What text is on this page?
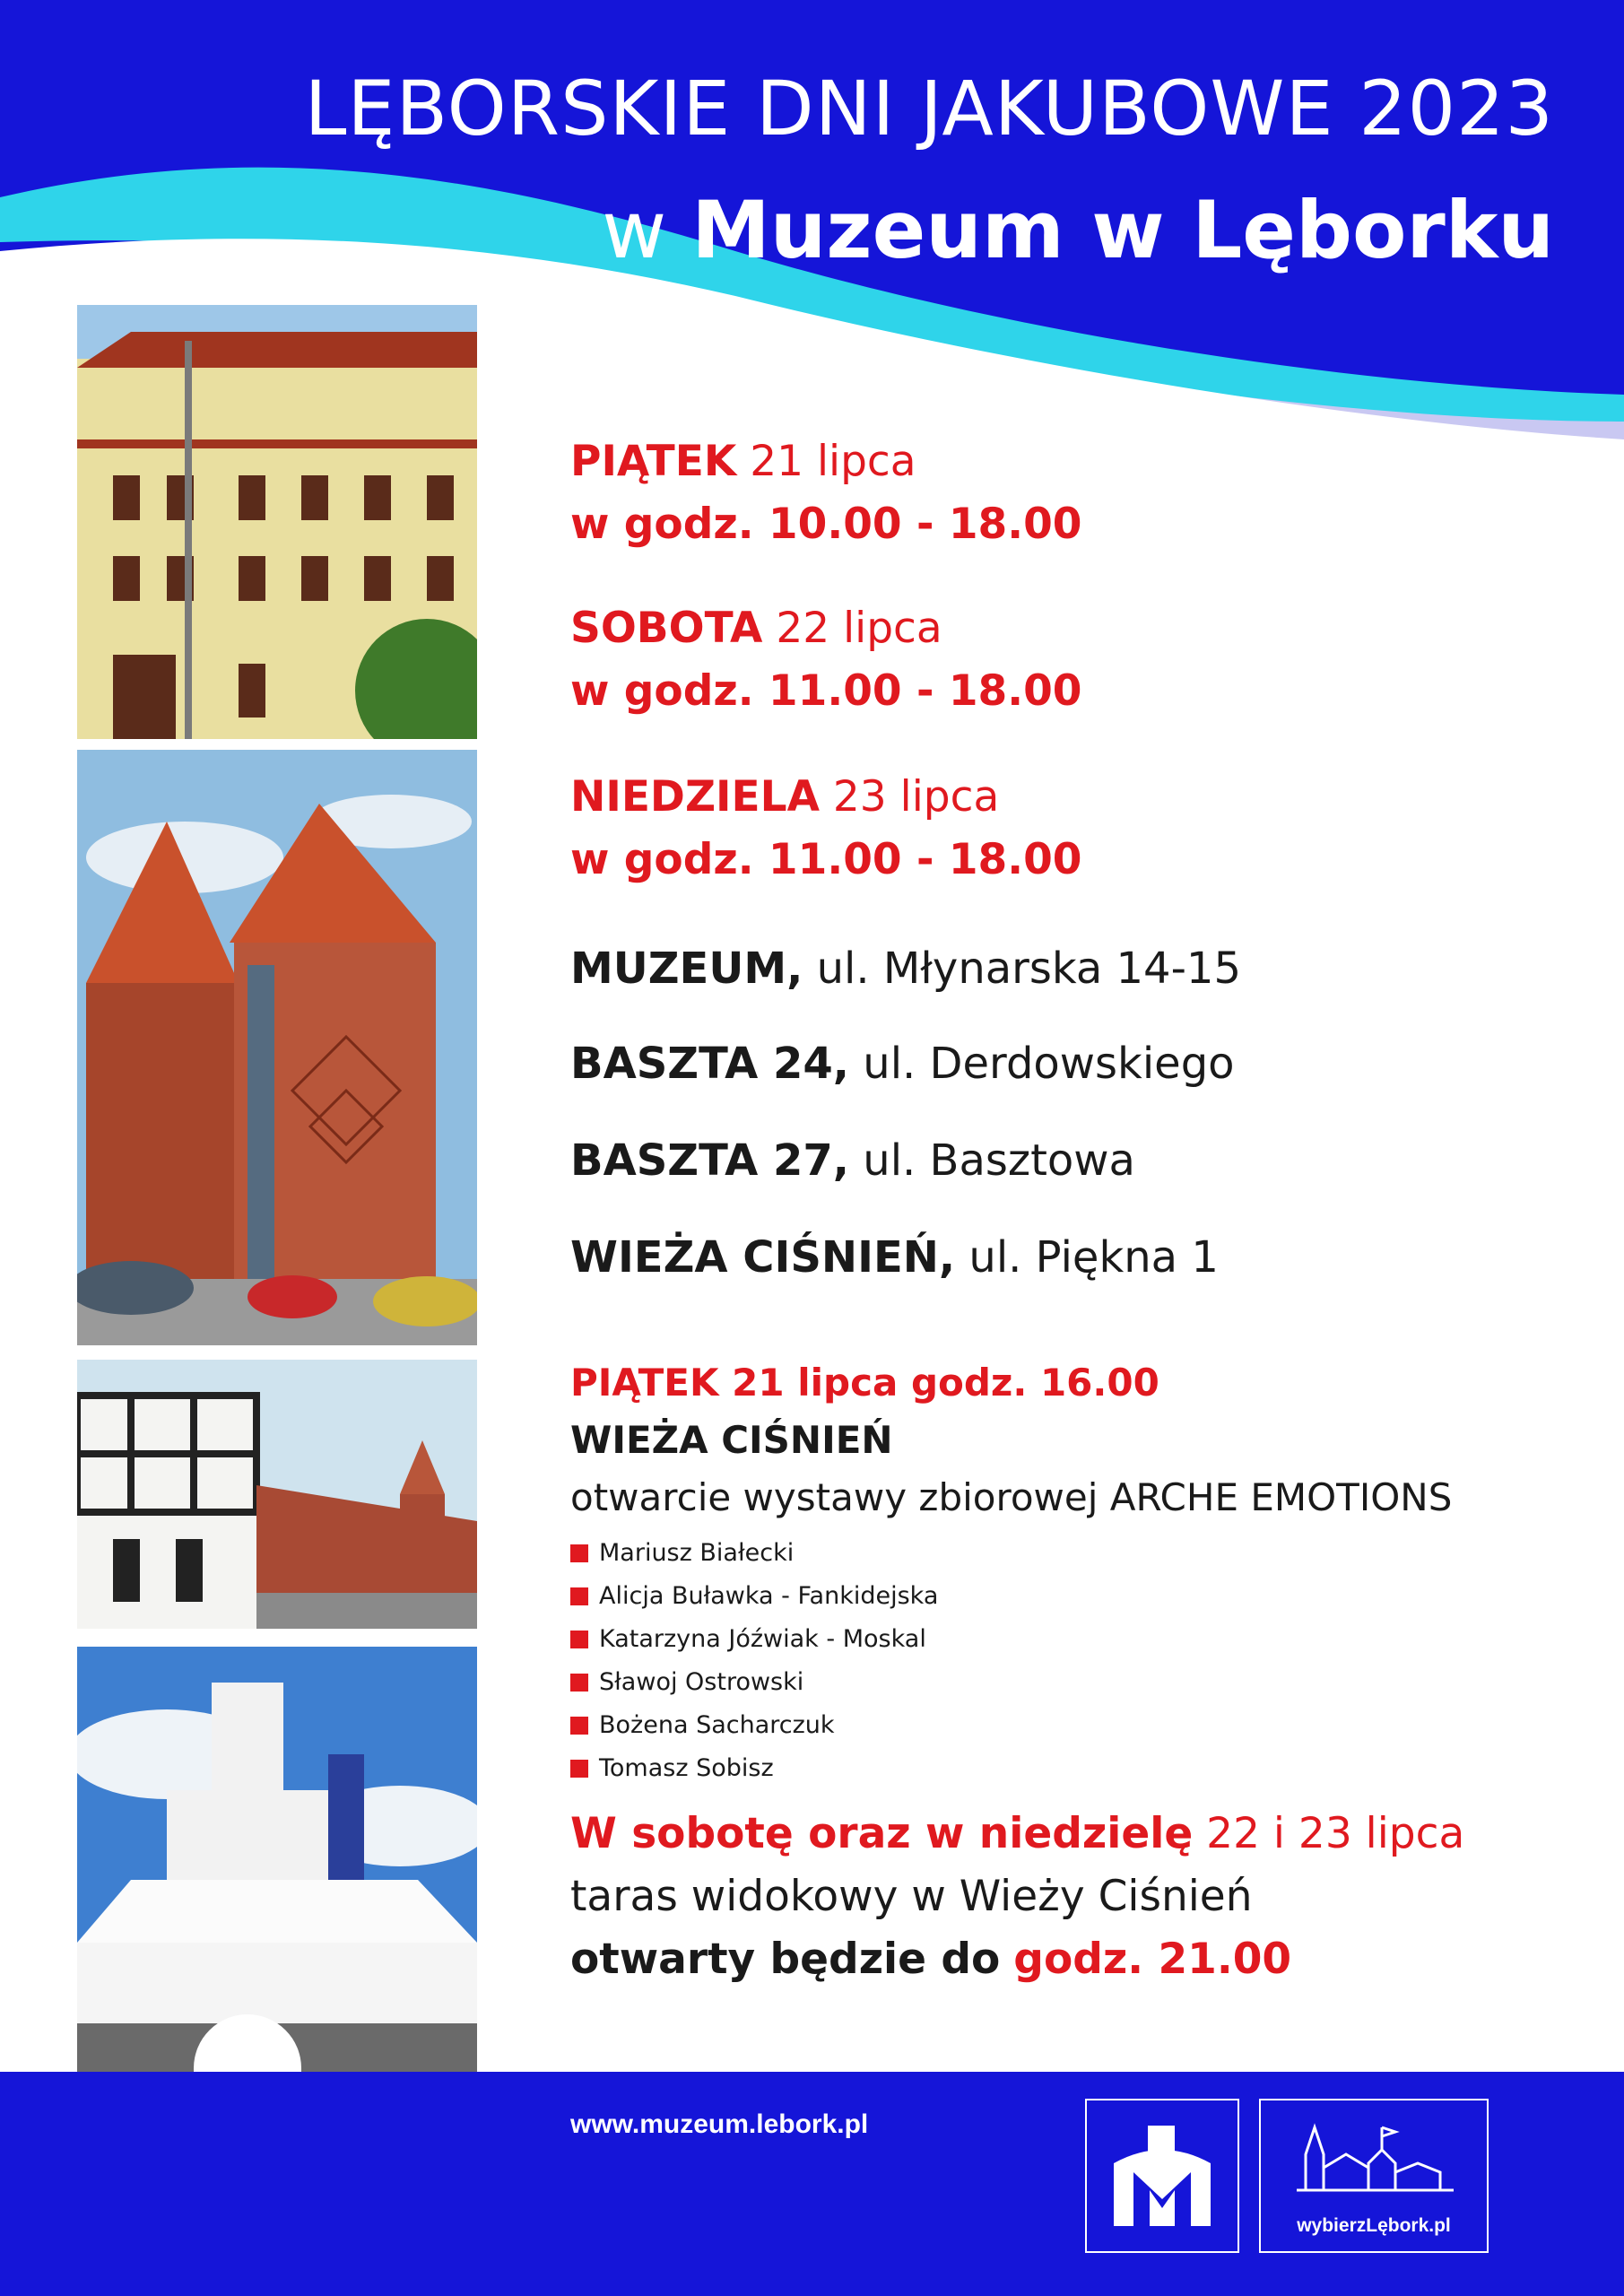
LĘBORSKIE DNI JAKUBOWE 2023
w Muzeum w Lęborku
PIĄTEK 21 lipca
w godz. 10.00 - 18.00
SOBOTA 22 lipca
w godz. 11.00 - 18.00
NIEDZIELA 23 lipca
w godz. 11.00 - 18.00
MUZEUM, ul. Młynarska 14-15
BASZTA 24, ul. Derdowskiego
BASZTA 27, ul. Basztowa
WIEŻA CIŚNIEŃ, ul. Piękna 1
PIĄTEK 21 lipca godz. 16.00
WIEŻA CIŚNIEŃ
otwarcie wystawy zbiorowej ARCHE EMOTIONS
Mariusz Białecki
Alicja Buławka - Fankidejska
Katarzyna Jóźwiak - Moskal
Sławoj Ostrowski
Bożena Sacharczuk
Tomasz Sobisz
W sobotę oraz w niedzielę 22 i 23 lipca
taras widokowy w Wieży Ciśnień
otwarty będzie do godz. 21.00
www.muzeum.lebork.pl
wybierzLębork.pl
